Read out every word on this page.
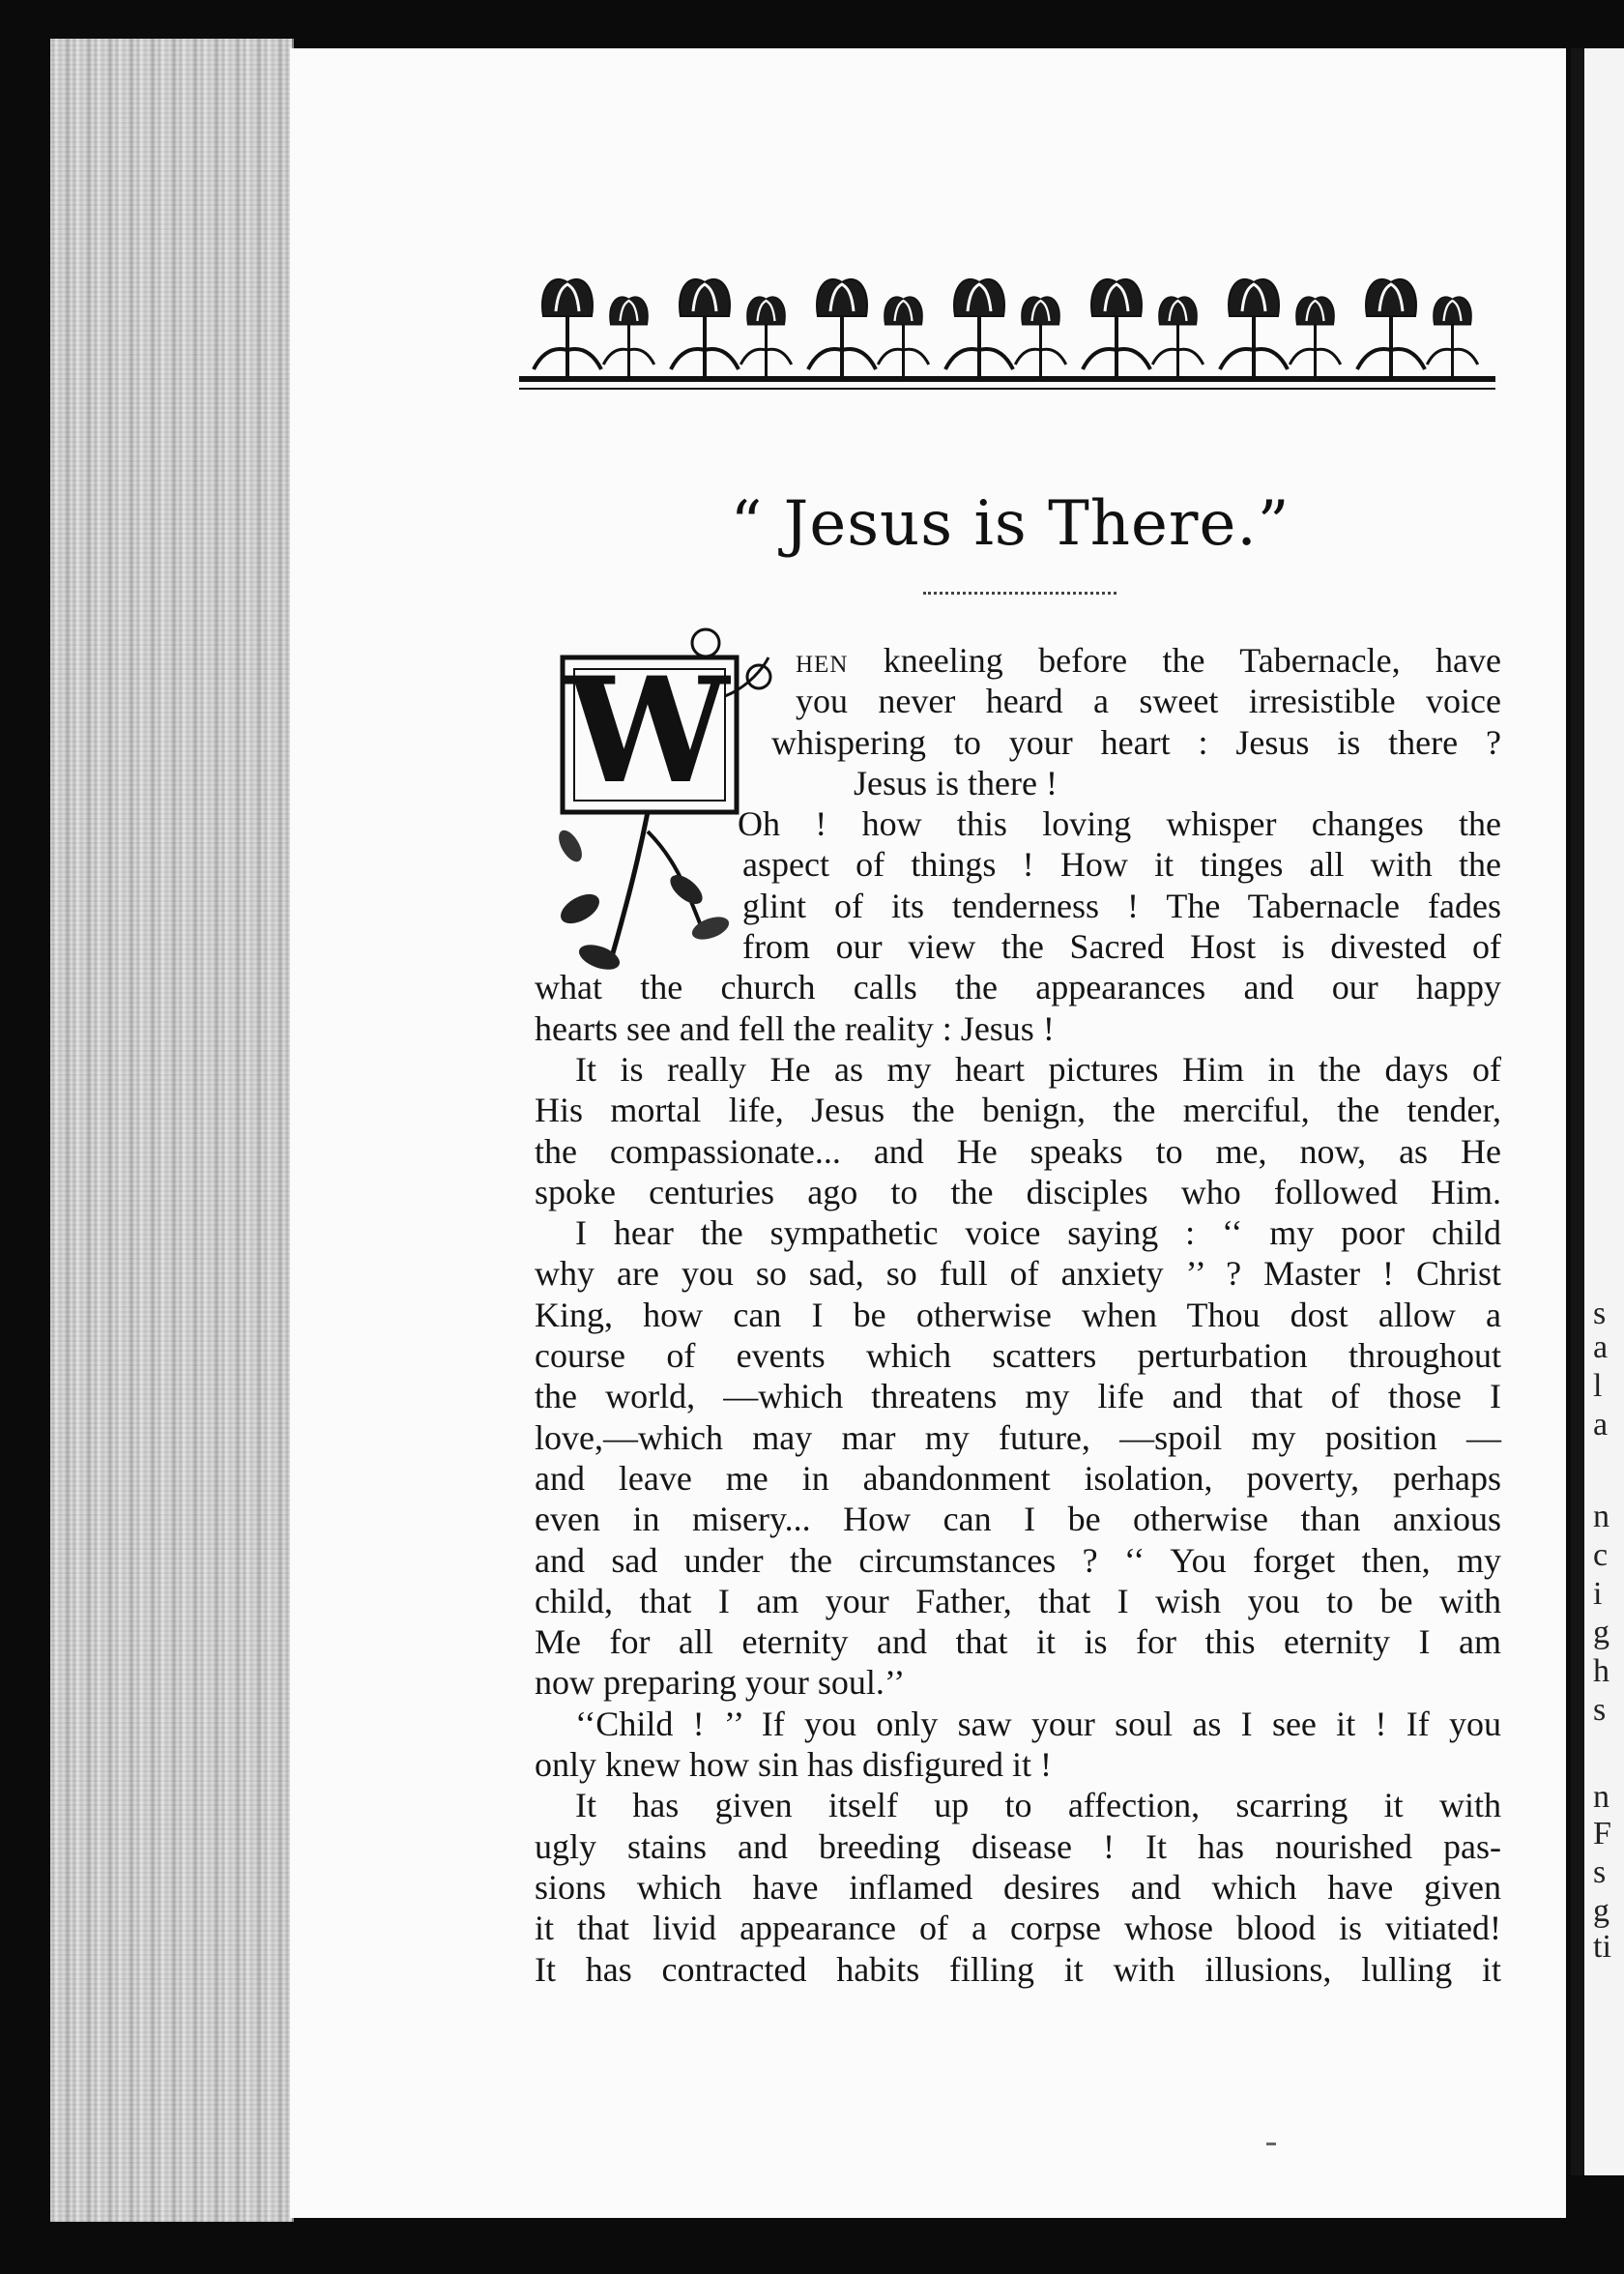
“ Jesus is There.”
W hen kneeling before the Tabernacle, have
you never heard a sweet irresistible voice
whispering to your heart : Jesus is there ?
Jesus is there !
Oh ! how this loving whisper changes the
aspect of things ! How it tinges all with the
glint of its tenderness ! The Tabernacle fades
from our view the Sacred Host is divested of
what the church calls the appearances and our happy
hearts see and fell the reality : Jesus !
It is really He as my heart pictures Him in the days of
His mortal life, Jesus the benign, the merciful, the tender,
the compassionate... and He speaks to me, now, as He
spoke centuries ago to the disciples who followed Him.
I hear the sympathetic voice saying : ‘‘ my poor child
why are you so sad, so full of anxiety ’’ ? Master ! Christ
King, how can I be otherwise when Thou dost allow a
course of events which scatters perturbation throughout
the world, —which threatens my life and that of those I
love,—which may mar my future, —spoil my position —
and leave me in abandonment isolation, poverty, perhaps
even in misery... How can I be otherwise than anxious
and sad under the circumstances ? ‘‘ You forget then, my
child, that I am your Father, that I wish you to be with
Me for all eternity and that it is for this eternity I am
now preparing your soul.’’
‘‘Child ! ’’ If you only saw your soul as I see it ! If you
only knew how sin has disfigured it !
It has given itself up to affection, scarring it with
ugly stains and breeding disease ! It has nourished pas-
sions which have inflamed desires and which have given
it that livid appearance of a corpse whose blood is vitiated!
It has contracted habits filling it with illusions, lulling it
s
a
l
a
n
c
i
g
h
s
n
F
s
g
ti
